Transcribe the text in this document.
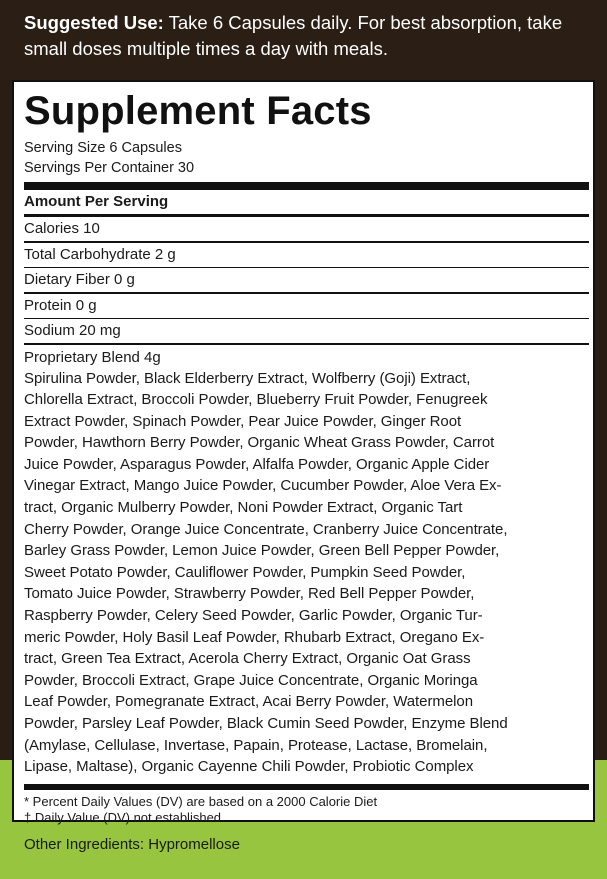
Suggested Use: Take 6 Capsules daily. For best absorption, take small doses multiple times a day with meals.
Supplement Facts
Serving Size 6 Capsules
Servings Per Container 30
Amount Per Serving
Calories 10
Total Carbohydrate 2 g
Dietary Fiber 0 g
Protein 0 g
Sodium 20 mg
Proprietary Blend 4g
Spirulina Powder, Black Elderberry Extract, Wolfberry (Goji) Extract,
Chlorella Extract, Broccoli Powder, Blueberry Fruit Powder, Fenugreek
Extract Powder, Spinach Powder, Pear Juice Powder, Ginger Root
Powder, Hawthorn Berry Powder, Organic Wheat Grass Powder, Carrot
Juice Powder, Asparagus Powder, Alfalfa Powder, Organic Apple Cider
Vinegar Extract, Mango Juice Powder, Cucumber Powder, Aloe Vera Ex-
tract, Organic Mulberry Powder, Noni Powder Extract, Organic Tart
Cherry Powder, Orange Juice Concentrate, Cranberry Juice Concentrate,
Barley Grass Powder, Lemon Juice Powder, Green Bell Pepper Powder,
Sweet Potato Powder, Cauliflower Powder, Pumpkin Seed Powder,
Tomato Juice Powder, Strawberry Powder, Red Bell Pepper Powder,
Raspberry Powder, Celery Seed Powder, Garlic Powder, Organic Tur-
meric Powder, Holy Basil Leaf Powder, Rhubarb Extract, Oregano Ex-
tract, Green Tea Extract, Acerola Cherry Extract, Organic Oat Grass
Powder, Broccoli Extract, Grape Juice Concentrate, Organic Moringa
Leaf Powder, Pomegranate Extract, Acai Berry Powder, Watermelon
Powder, Parsley Leaf Powder, Black Cumin Seed Powder, Enzyme Blend
(Amylase, Cellulase, Invertase, Papain, Protease, Lactase, Bromelain,
Lipase, Maltase), Organic Cayenne Chili Powder, Probiotic Complex
* Percent Daily Values (DV) are based on a 2000 Calorie Diet
† Daily Value (DV) not established
Other Ingredients: Hypromellose
